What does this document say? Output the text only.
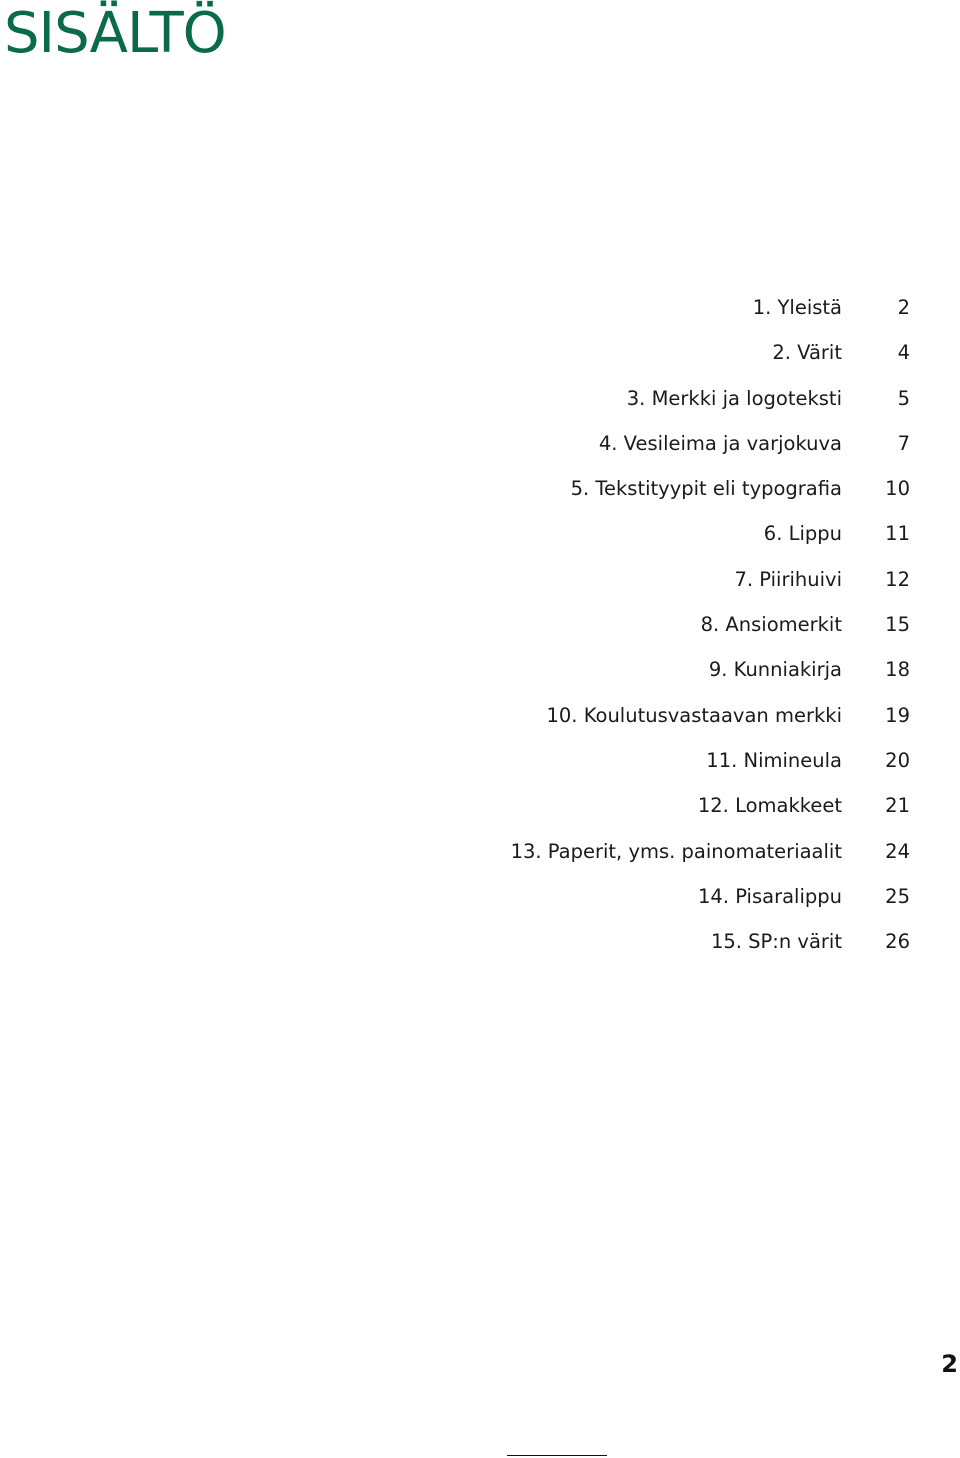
SISÄLTÖ
1. Yleistä	2
2. Värit	4
3. Merkki ja logoteksti	5
4. Vesileima ja varjokuva	7
5. Tekstityypit eli typografia	10
6. Lippu	11
7. Piirihuivi	12
8. Ansiomerkit	15
9. Kunniakirja	18
10. Koulutusvastaavan merkki	19
11. Nimineula	20
12. Lomakkeet	21
13. Paperit, yms. painomateriaalit	24
14. Pisaralippu	25
15. SP:n värit	26
2
